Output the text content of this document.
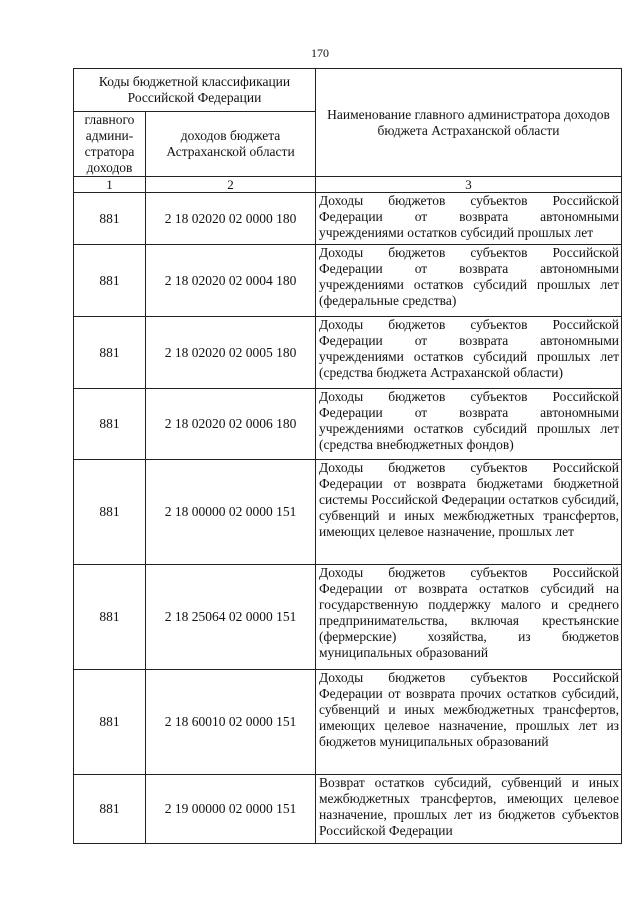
170
Коды бюджетной классификации Российской Федерации		Наименование главного администратора доходов бюджета Астраханской области

главного
админи-
стратора
доходов	доходов бюджета Астраханской области	
1	2	3
881	2 18 02020 02 0000 180	Доходы бюджетов субъектов Российской Федерации от возврата автономными учреждениями остатков субсидий прошлых лет
881	2 18 02020 02 0004 180	Доходы бюджетов субъектов Российской Федерации от возврата автономными учреждениями остатков субсидий прошлых лет (федеральные средства)
881	2 18 02020 02 0005 180	Доходы бюджетов субъектов Российской Федерации от возврата автономными учреждениями остатков субсидий прошлых лет (средства бюджета Астраханской области)
881	2 18 02020 02 0006 180	Доходы бюджетов субъектов Российской Федерации от возврата автономными учреждениями остатков субсидий прошлых лет (средства внебюджетных фондов)
881	2 18 00000 02 0000 151	Доходы бюджетов субъектов Российской Федерации от возврата бюджетами бюджетной системы Российской Федерации остатков субсидий, субвенций и иных межбюджетных трансфертов, имеющих целевое назначение, прошлых лет
881	2 18 25064 02 0000 151	Доходы бюджетов субъектов Российской Федерации от возврата остатков субсидий на государственную поддержку малого и среднего предпринимательства, включая крестьянские (фермерские) хозяйства, из бюджетов муниципальных образований
881	2 18 60010 02 0000 151	Доходы бюджетов субъектов Российской Федерации от возврата прочих остатков субсидий, субвенций и иных межбюджетных трансфертов, имеющих целевое назначение, прошлых лет из бюджетов муниципальных образований
881	2 19 00000 02 0000 151	Возврат остатков субсидий, субвенций и иных межбюджетных трансфертов, имеющих целевое назначение, прошлых лет из бюджетов субъектов Российской Федерации
